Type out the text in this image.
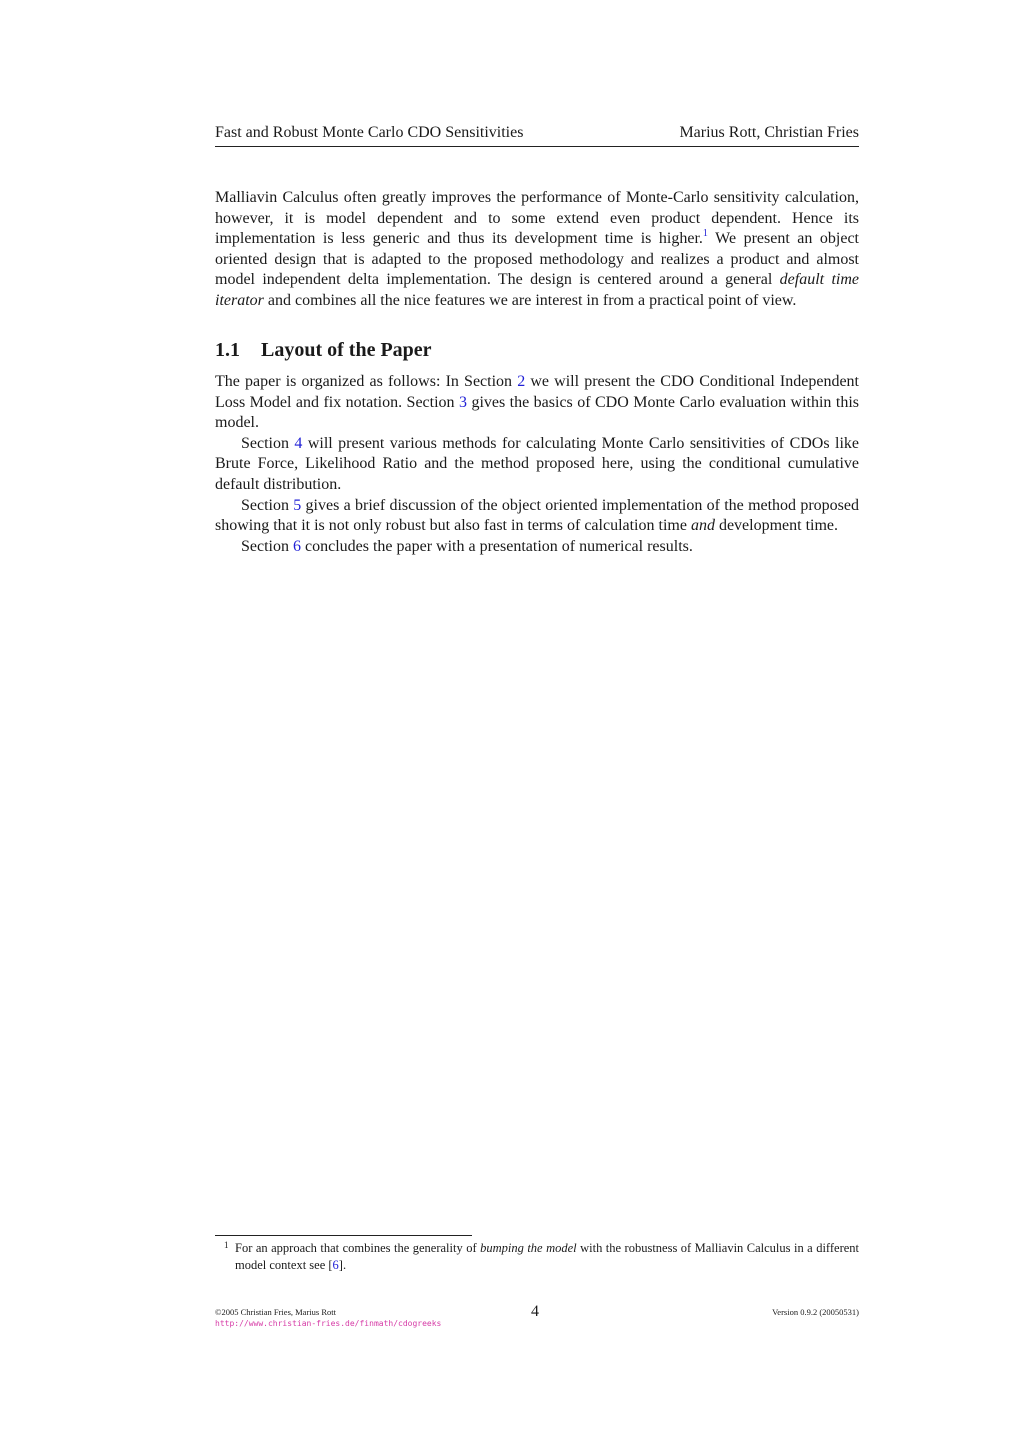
Fast and Robust Monte Carlo CDO Sensitivities	Marius Rott, Christian Fries

Malliavin Calculus often greatly improves the performance of Monte-Carlo sensitivity calculation, however, it is model dependent and to some extend even product dependent. Hence its implementation is less generic and thus its development time is higher.$^1$ We present an object oriented design that is adapted to the proposed methodology and realizes a product and almost model independent delta implementation. The design is centered around a general default time iterator and combines all the nice features we are interest in from a practical point of view.

1.1 Layout of the Paper

The paper is organized as follows: In Section 2 we will present the CDO Conditional Independent Loss Model and fix notation. Section 3 gives the basics of CDO Monte Carlo evaluation within this model.

Section 4 will present various methods for calculating Monte Carlo sensitivities of CDOs like Brute Force, Likelihood Ratio and the method proposed here, using the conditional cumulative default distribution.

Section 5 gives a brief discussion of the object oriented implementation of the method proposed showing that it is not only robust but also fast in terms of calculation time and development time.

Section 6 concludes the paper with a presentation of numerical results.

1 For an approach that combines the generality of bumping the model with the robustness of Malliavin Calculus in a different model context see [6].
©2005 Christian Fries, Marius Rott
http://www.christian-fries.de/finmath/cdogreeks
4	Version 0.9.2 (20050531)
